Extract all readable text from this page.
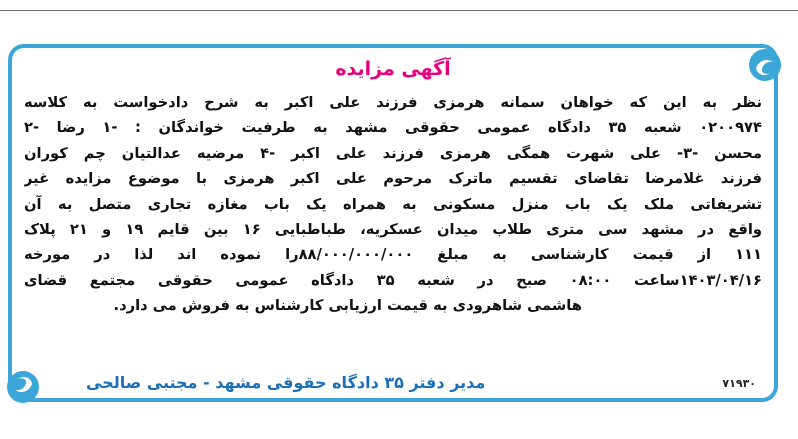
آگهی مزایده
نظر به این که خواهان سمانه هرمزی فرزند علی اکبر به شرح دادخواست به کلاسه
۰۲۰۰۹۷۴ شعبه ۳۵ دادگاه عمومی حقوقی مشهد به طرفیت خواندگان : -۱ رضا -۲
محسن -۳- علی شهرت همگی هرمزی فرزند علی اکبر -۴ مرضیه عدالتیان چم کوران
فرزند غلامرضا تقاضای تقسیم ماترک مرحوم علی اکبر هرمزی با موضوع مزایده غیر
تشریفاتی ملک یک باب منزل مسکونی به همراه یک باب مغازه تجاری متصل به آن
واقع در مشهد سی متری طلاب میدان عسکریه، طباطبایی ۱۶ بین قایم ۱۹ و ۲۱ پلاک
۱۱۱ از قیمت کارشناسی به مبلغ ۸۸/۰۰۰/۰۰۰/۰۰۰را نموده اند لذا در مورخه
۱۴۰۳/۰۴/۱۶ساعت ۰۸:۰۰ صبح در شعبه ۳۵ دادگاه عمومی حقوقی مجتمع قضای
هاشمی شاهرودی به قیمت ارزیابی کارشناس به فروش می دارد.
مدیر دفتر ۳۵ دادگاه حقوقی مشهد - مجتبی صالحی	۷۱۹۳۰
